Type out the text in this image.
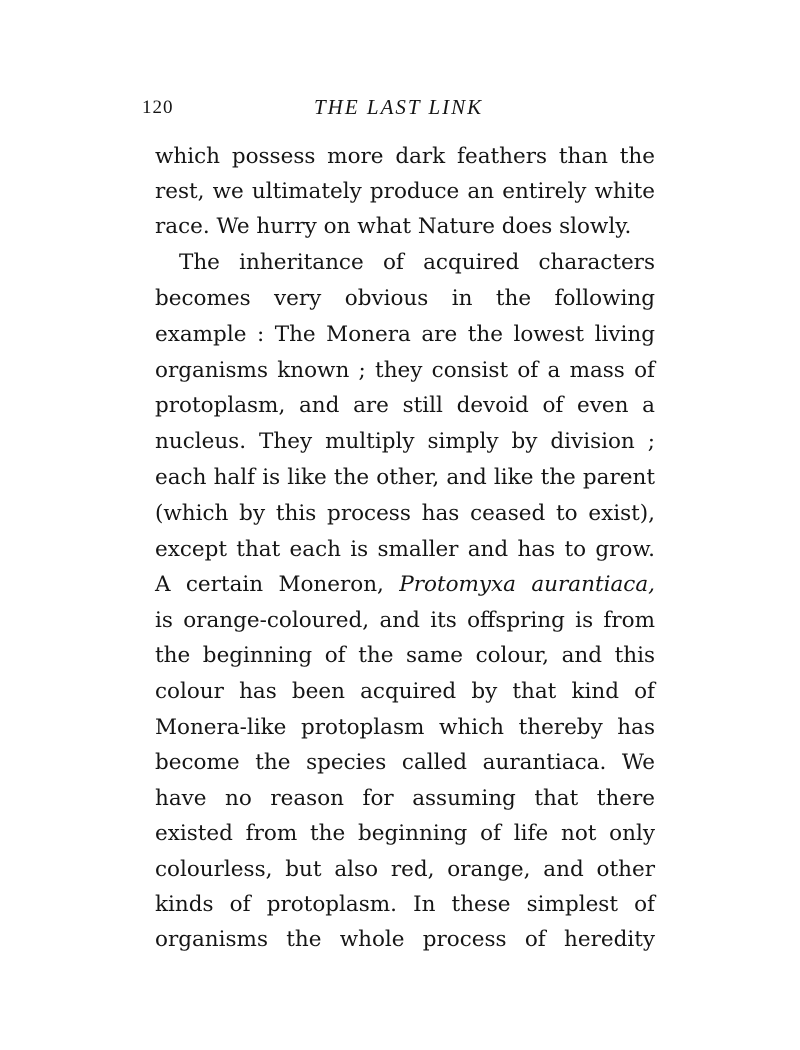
120	THE LAST LINK
which possess more dark feathers than the
rest, we ultimately produce an entirely white
race. We hurry on what Nature does slowly.
The inheritance of acquired characters
becomes very obvious in the following
example : The Monera are the lowest living
organisms known ; they consist of a mass of
protoplasm, and are still devoid of even a
nucleus. They multiply simply by division ;
each half is like the other, and like the parent
(which by this process has ceased to exist),
except that each is smaller and has to grow.
A certain Moneron, Protomyxa aurantiaca,
is orange-coloured, and its offspring is from
the beginning of the same colour, and this
colour has been acquired by that kind of
Monera-like protoplasm which thereby has
become the species called aurantiaca. We
have no reason for assuming that there
existed from the beginning of life not only
colourless, but also red, orange, and other
kinds of protoplasm. In these simplest of
organisms the whole process of heredity
